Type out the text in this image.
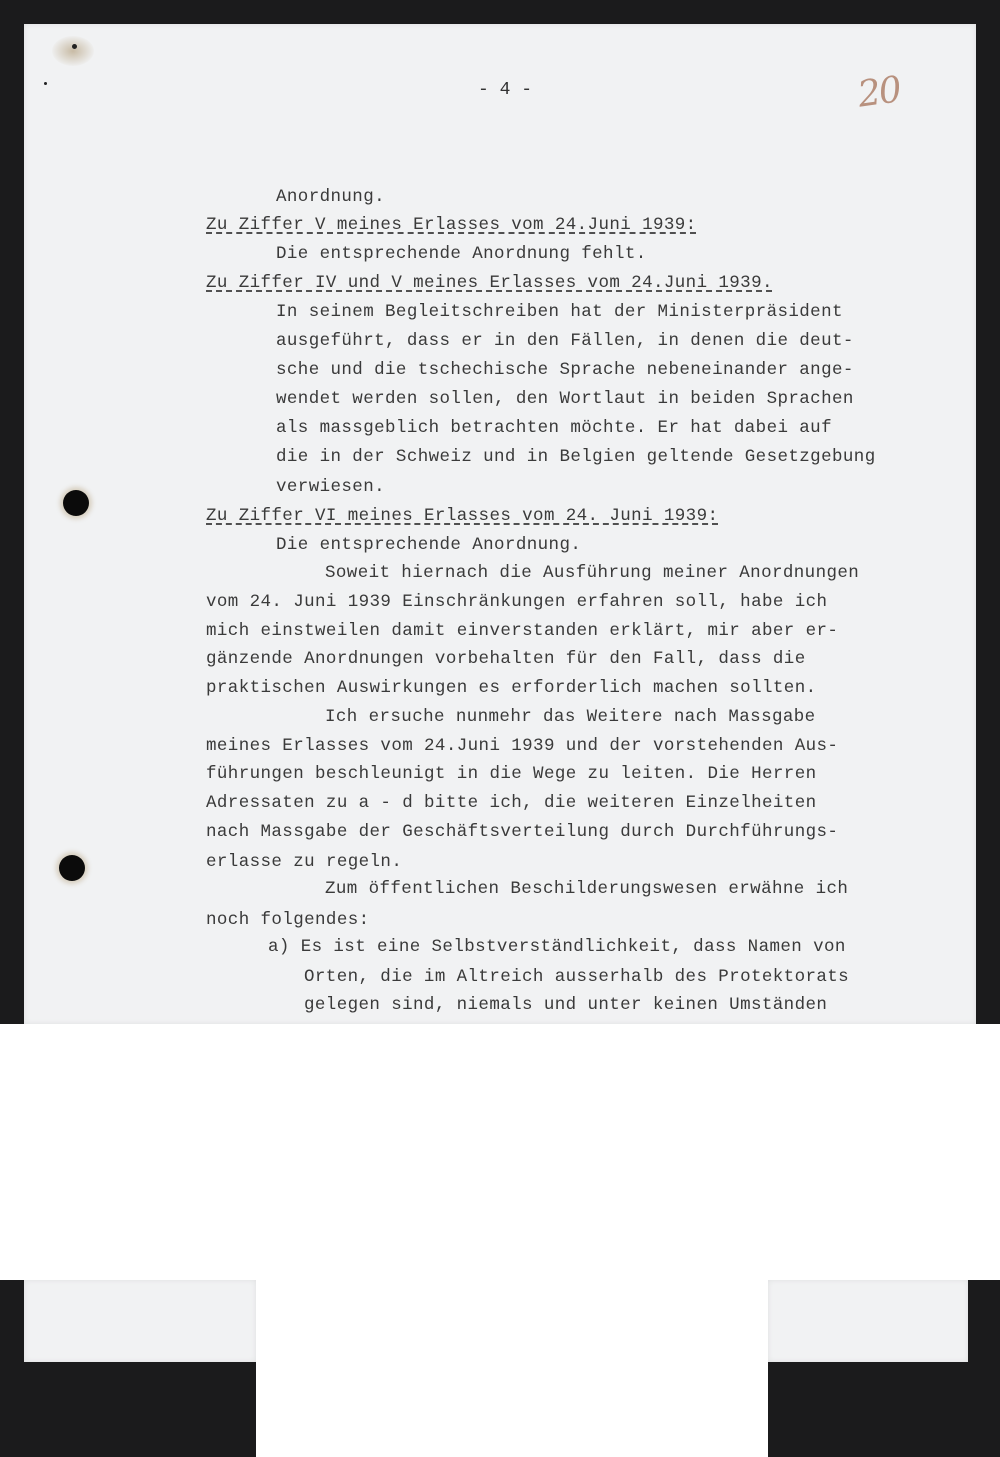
- 4 -	20
Anordnung.
Zu Ziffer V meines Erlasses vom 24.Juni 1939:
Die entsprechende Anordnung fehlt.
Zu Ziffer IV und V meines Erlasses vom 24.Juni 1939.
In seinem Begleitschreiben hat der Ministerpräsident
ausgeführt, dass er in den Fällen, in denen die deut-
sche und die tschechische Sprache nebeneinander ange-
wendet werden sollen, den Wortlaut in beiden Sprachen
als massgeblich betrachten möchte. Er hat dabei auf
die in der Schweiz und in Belgien geltende Gesetzgebung
verwiesen.
Zu Ziffer VI meines Erlasses vom 24. Juni 1939:
Die entsprechende Anordnung.
Soweit hiernach die Ausführung meiner Anordnungen
vom 24. Juni 1939 Einschränkungen erfahren soll, habe ich
mich einstweilen damit einverstanden erklärt, mir aber er-
gänzende Anordnungen vorbehalten für den Fall, dass die
praktischen Auswirkungen es erforderlich machen sollten.
Ich ersuche nunmehr das Weitere nach Massgabe
meines Erlasses vom 24.Juni 1939 und der vorstehenden Aus-
führungen beschleunigt in die Wege zu leiten. Die Herren
Adressaten zu a - d bitte ich, die weiteren Einzelheiten
nach Massgabe der Geschäftsverteilung durch Durchführungs-
erlasse zu regeln.
Zum öffentlichen Beschilderungswesen erwähne ich
noch folgendes:
a) Es ist eine Selbstverständlichkeit, dass Namen von
Orten, die im Altreich ausserhalb des Protektorats
gelegen sind, niemals und unter keinen Umständen
